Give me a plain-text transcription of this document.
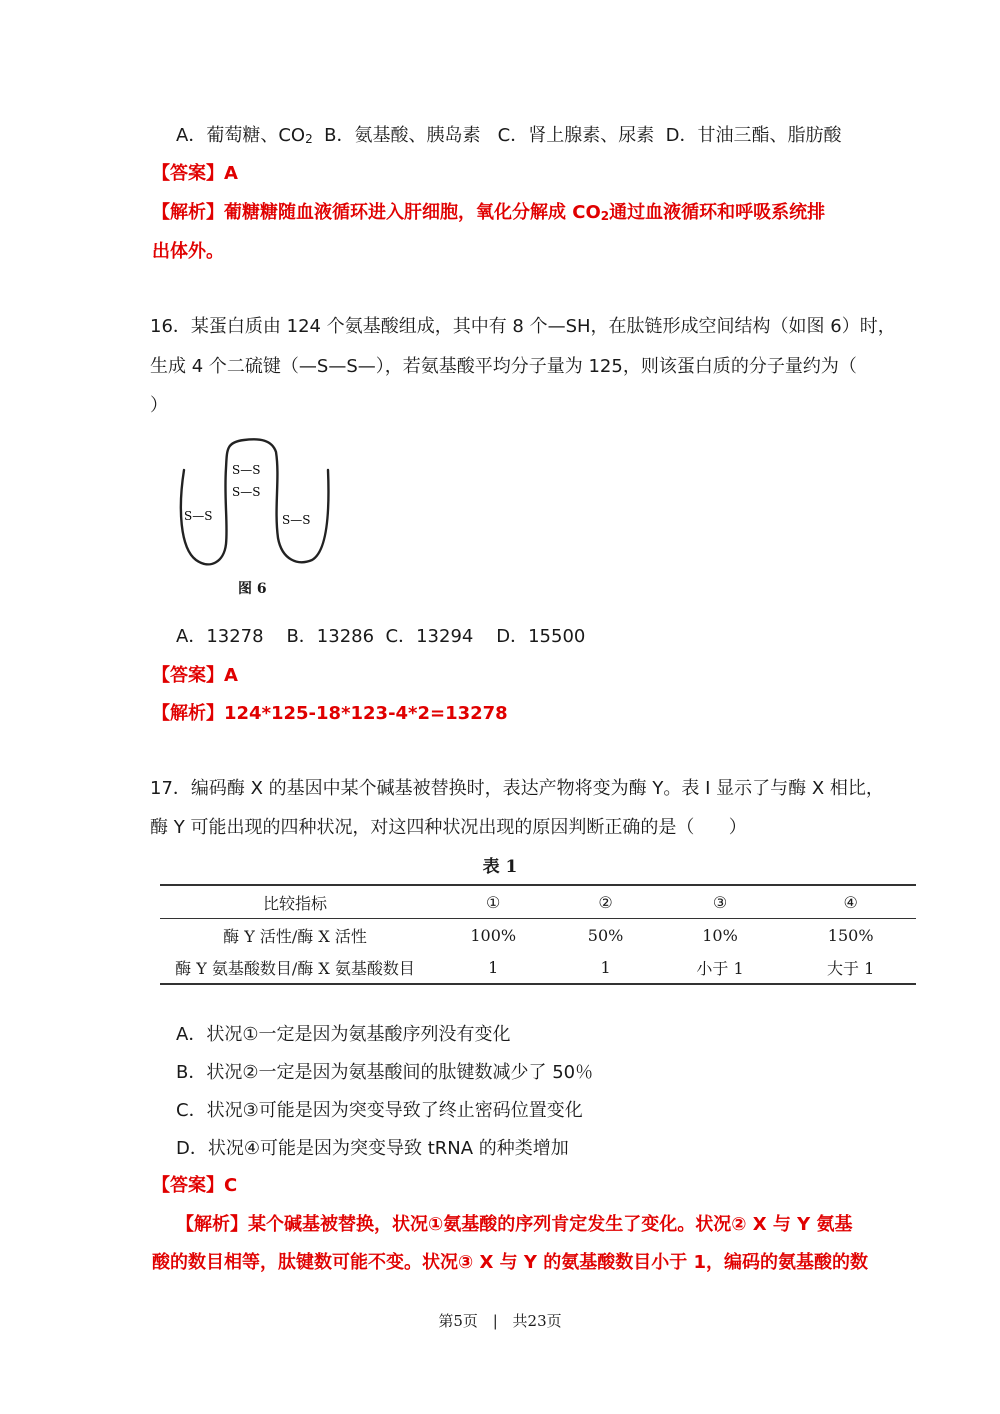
A．葡萄糖、$CO_2$  B．氨基酸、胰岛素   C．肾上腺素、尿素  D．甘油三酯、脂肪酸
【答案】A
【解析】葡糖糖随血液循环进入肝细胞，氧化分解成 $CO_2$通过血液循环和呼吸系统排
出体外。
16．某蛋白质由 124 个氨基酸组成，其中有 8 个—SH，在肽链形成空间结构（如图 6）时，
生成 4 个二硫键（—S—S—），若氨基酸平均分子量为 125，则该蛋白质的分子量约为（
）
S—S
S—S
S—S	S—S
图 6
A．13278    B．13286  C．13294    D．15500
【答案】A
【解析】124*125-18*123-4*2=13278
17．编码酶 X 的基因中某个碱基被替换时，表达产物将变为酶 Y。表 I 显示了与酶 X 相比，
酶 Y 可能出现的四种状况，对这四种状况出现的原因判断正确的是（      ）
表 1
比较指标	①	②	③	④
酶 Y 活性/酶 X 活性	100%	50%	10%	150%
酶 Y 氨基酸数目/酶 X 氨基酸数目	1	1	小于 1	大于 1
A．状况①一定是因为氨基酸序列没有变化
B．状况②一定是因为氨基酸间的肽键数减少了 50％
C．状况③可能是因为突变导致了终止密码位置变化
D．状况④可能是因为突变导致 tRNA 的种类增加
【答案】C
【解析】某个碱基被替换，状况①氨基酸的序列肯定发生了变化。状况② X 与 Y 氨基
酸的数目相等，肽键数可能不变。状况③ X 与 Y 的氨基酸数目小于 1，编码的氨基酸的数
第5页 | 共23页
